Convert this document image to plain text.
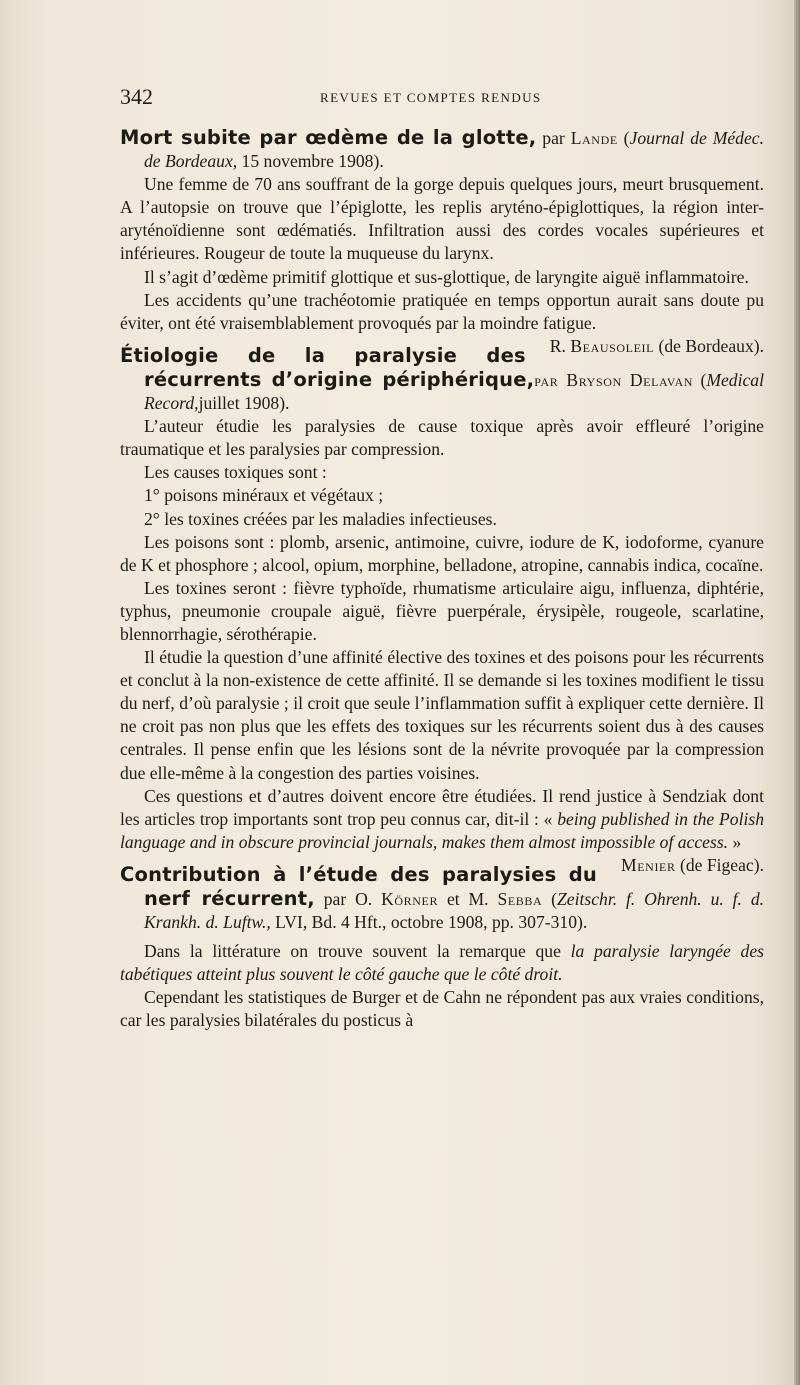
342	REVUES ET COMPTES RENDUS

Mort subite par œdème de la glotte, par Lande (Journal de Médec. de Bordeaux, 15 novembre 1908).

Une femme de 70 ans souffrant de la gorge depuis quelques jours, meurt brusquement. A l’autopsie on trouve que l’épiglotte, les replis aryténo-épiglottiques, la région inter-aryténoïdienne sont œdématiés. Infiltration aussi des cordes vocales supérieures et inférieures. Rougeur de toute la muqueuse du larynx.

Il s’agit d’œdème primitif glottique et sus-glottique, de laryngite aiguë inflammatoire.

Les accidents qu’une trachéotomie pratiquée en temps opportun aurait sans doute pu éviter, ont été vraisemblablement provoqués par la moindre fatigue.
R. Beausoleil (de Bordeaux).

Étiologie de la paralysie des récurrents d’origine périphérique,par Bryson Delavan (Medical Record,juillet 1908).

L’auteur étudie les paralysies de cause toxique après avoir effleuré l’origine traumatique et les paralysies par compression.

Les causes toxiques sont :

1° poisons minéraux et végétaux ;

2° les toxines créées par les maladies infectieuses.

Les poisons sont : plomb, arsenic, antimoine, cuivre, iodure de K, iodoforme, cyanure de K et phosphore ; alcool, opium, morphine, belladone, atropine, cannabis indica, cocaïne.

Les toxines seront : fièvre typhoïde, rhumatisme articulaire aigu, influenza, diphtérie, typhus, pneumonie croupale aiguë, fièvre puerpérale, érysipèle, rougeole, scarlatine, blennorrhagie, sérothérapie.

Il étudie la question d’une affinité élective des toxines et des poisons pour les récurrents et conclut à la non-existence de cette affinité. Il se demande si les toxines modifient le tissu du nerf, d’où paralysie ; il croit que seule l’inflammation suffit à expliquer cette dernière. Il ne croit pas non plus que les effets des toxiques sur les récurrents soient dus à des causes centrales. Il pense enfin que les lésions sont de la névrite provoquée par la compression due elle-même à la congestion des parties voisines.

Ces questions et d’autres doivent encore être étudiées. Il rend justice à Sendziak dont les articles trop importants sont trop peu connus car, dit-il : « being published in the Polish language and in obscure provincial journals, makes them almost impossible of access. »
Menier (de Figeac).

Contribution à l’étude des paralysies du nerf récurrent, par O. Körner et M. Sebba (Zeitschr. f. Ohrenh. u. f. d. Krankh. d. Luftw., LVI, Bd. 4 Hft., octobre 1908, pp. 307-310).

Dans la littérature on trouve souvent la remarque que la paralysie laryngée des tabétiques atteint plus souvent le côté gauche que le côté droit.

Cependant les statistiques de Burger et de Cahn ne répondent pas aux vraies conditions, car les paralysies bilatérales du posticus à
